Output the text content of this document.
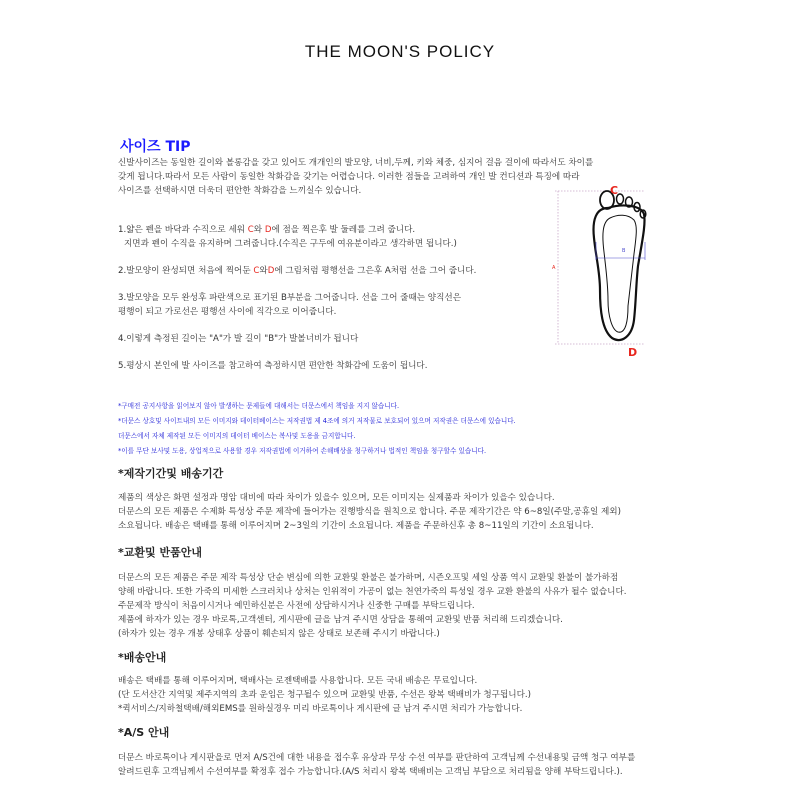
THE MOON'S POLICY
사이즈 TIP
신발사이즈는 동일한 길이와 볼롱감을 갖고 있어도 개개인의 발모양, 너비,두께, 키와 체중, 심지어 걸음 걸이에 따라서도 차이를
갖게 됩니다.따라서 모든 사람이 동일한 착화감을 갖기는 어렵습니다. 이러한 점들을 고려하여 개인 발 컨디션과 특징에 따라
사이즈를 선택하시면 더욱더 편안한 착화감을 느끼실수 있습니다.
1.얇은 펜을 바닥과 수직으로 세워 C와 D에 점을 찍은후 발 둘레를 그려 줍니다.
지면과 펜이 수직을 유지하며 그려줍니다.(수직은 구두에 여유분이라고 생각하면 됩니다.)
2.발모양이 완성되면 처음에 찍어둔 C와D에 그림처럼 평행선을 그은후 A처럼 선을 그어 줍니다.
3.발모양을 모두 완성후 파란색으로 표기된 B부분을 그어줍니다. 선을 그어 줄때는 양직선은
평행이 되고 가로선은 평행선 사이에 직각으로 이어줍니다.
4.이렇게 측정된 길이는 "A"가 발 길이 "B"가 발볼너비가 됩니다
5.평상시 본인에 발 사이즈를 참고하여 측정하시면 편안한 착화감에 도움이 됩니다.
C
D
A
B
*구매전 공지사항을 읽어보지 않아 발생하는 문제들에 대해서는 더문스에서 책임을 지지 않습니다.
*더문스 상호및 사이트내의 모든 이미지와 데이터베이스는 저작권법 제 4조에 의거 저작물로 보호되어 있으며 저작권은 더문스에 있습니다.
더문스에서 자체 제작된 모든 이미지의 데이터 베이스는 복사및 도용을 금지합니다.
*이를 무단 보사및 도용, 상업적으로 사용할 경우 저작권법에 이거하여 손해배상을 청구하거나 법적인 책임을 청구할수 있습니다.
*제작기간및 배송기간
제품의 색상은 화면 설정과 명암 대비에 따라 차이가 있을수 있으며, 모든 이미지는 실제품과 차이가 있을수 있습니다.
더문스의 모든 제품은 수제화 특성상 주문 제작에 들어가는 진행방식을 원칙으로 합니다. 주문 제작기간은 약 6~8일(주말,공휴일 제외)
소요됩니다. 배송은 택배를 통해 이루어지며 2~3일의 기간이 소요됩니다. 제품을 주문하신후 총 8~11일의 기간이 소요됩니다.
*교환및 반품안내
더문스의 모든 제품은 주문 제작 특성상 단순 변심에 의한 교환및 환불은 불가하며, 시즌오프및 세일 상품 역시 교환및 환불이 불가하점
양해 바랍니다. 또한 가죽의 미세한 스크러치나 상처는 인위적이 가공이 없는 천연가죽의 특성일 경우 교환 환불의 사유가 될수 없습니다.
주문제작 방식이 처음이시거나 예민하신분은 사전에 상담하시거나 신중한 구매를 부탁드립니다.
제품에 하자가 있는 경우 바로톡,고객센터, 게시판에 글을 남겨 주시면 상담을 통해여 교환및 반품 처리해 드리겠습니다.
(하자가 있는 경우 개봉 상태후 상품이 훼손되지 않은 상태로 보존해 주시기 바랍니다.)
*배송안내
배송은 택배를 통해 이루어지며, 택배사는 로젠택배를 사용합니다. 모든 국내 배송은 무료입니다.
(단 도서산간 지역및 제주지역의 초과 운임은 청구될수 있으며 교환및 반품, 수선은 왕복 택배비가 청구됩니다.)
*퀵서비스/지하철택배/해외EMS를 원하실경우 미리 바로톡이나 게시판에 글 남겨 주시면 처리가 가능합니다.
*A/S 안내
더문스 바로톡이나 게시판을로 먼저 A/S건에 대한 내용을 접수후 유상과 무상 수선 여부를 판단하여 고객님께 수선내용및 금액 청구 여부를
알려드린후 고객님께서 수선여부를 확정후 접수 가능합니다.(A/S 처리시 왕복 택배비는 고객님 부담으로 처리됨을 양해 부탁드립니다.).
